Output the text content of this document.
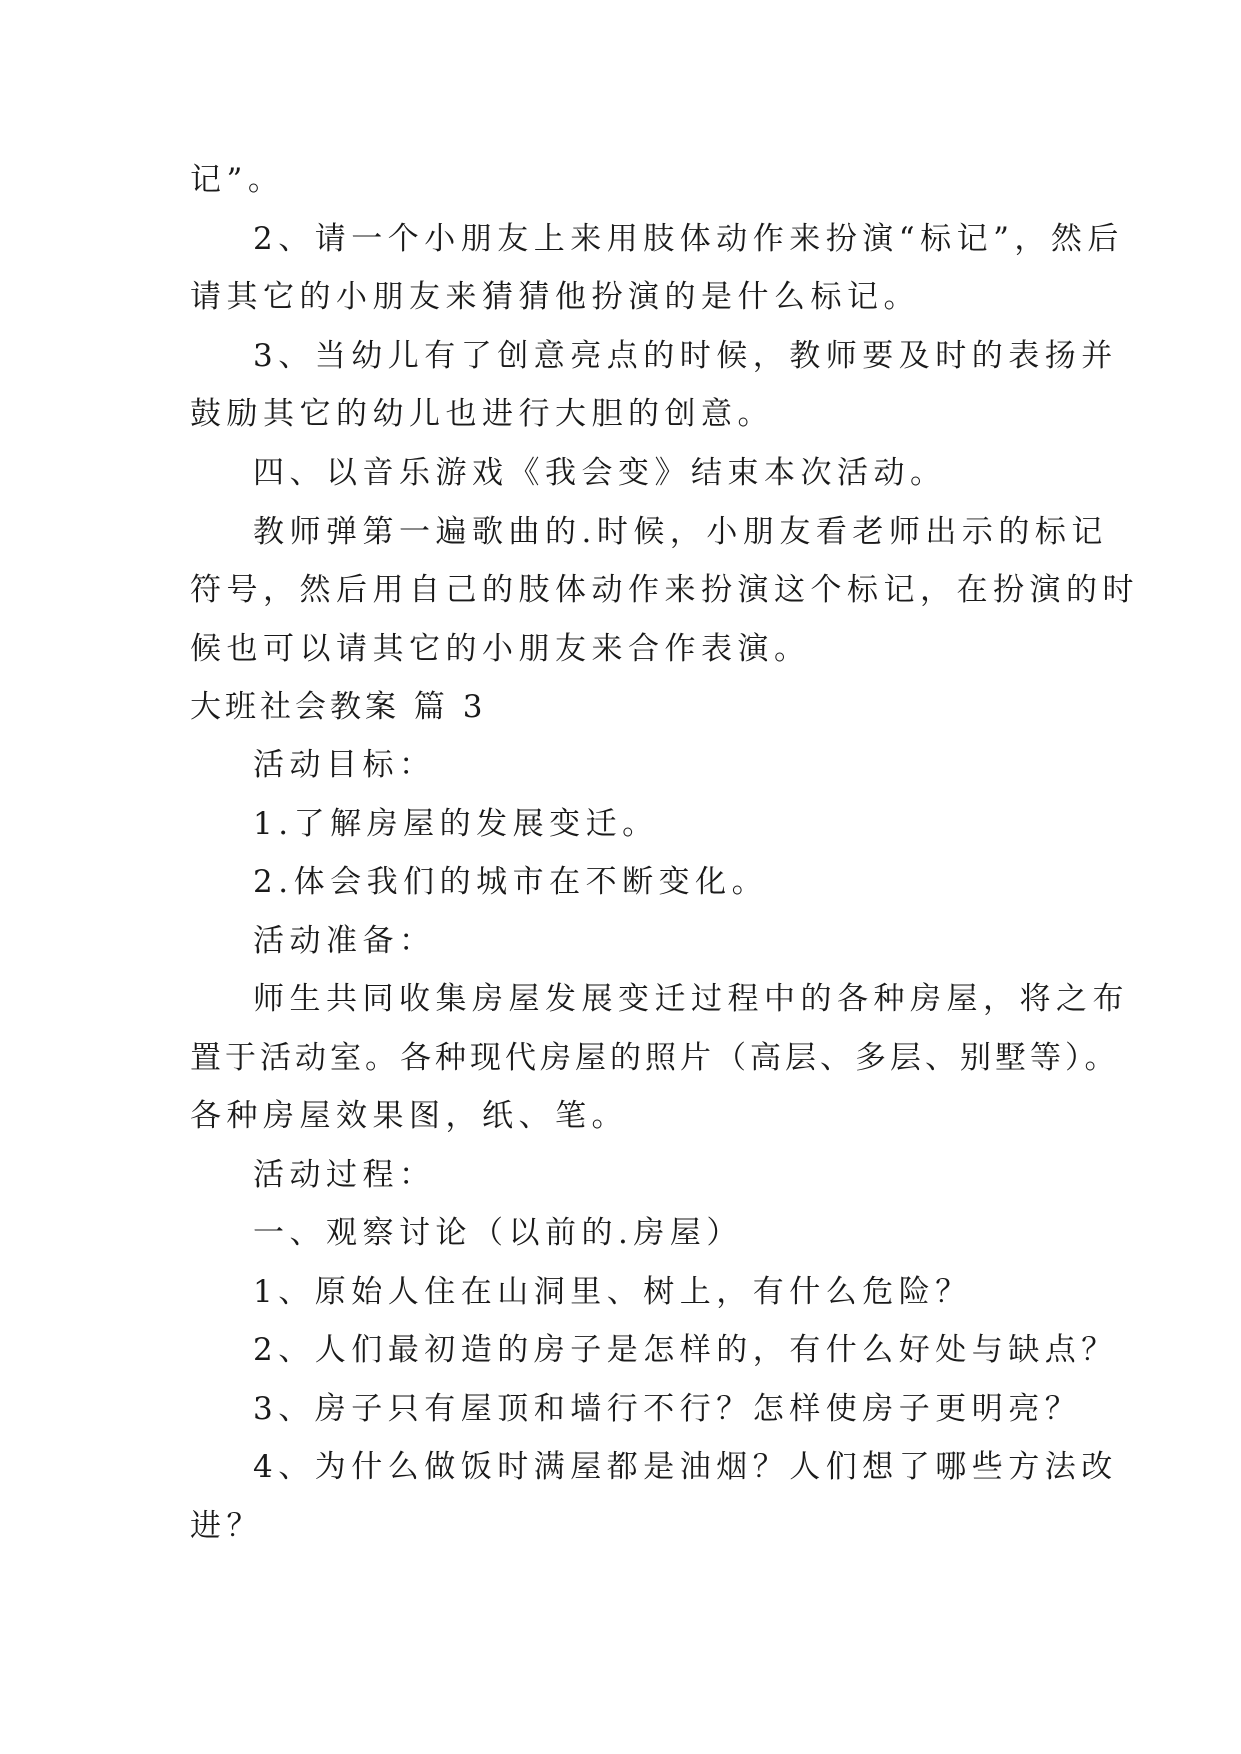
记”。
2、请一个小朋友上来用肢体动作来扮演“标记”，然后
请其它的小朋友来猜猜他扮演的是什么标记。
3、当幼儿有了创意亮点的时候，教师要及时的表扬并
鼓励其它的幼儿也进行大胆的创意。
四、以音乐游戏《我会变》结束本次活动。
教师弹第一遍歌曲的.时候，小朋友看老师出示的标记
符号，然后用自己的肢体动作来扮演这个标记，在扮演的时
候也可以请其它的小朋友来合作表演。
大班社会教案 篇 3
活动目标：
1.了解房屋的发展变迁。
2.体会我们的城市在不断变化。
活动准备：
师生共同收集房屋发展变迁过程中的各种房屋，将之布
置于活动室。各种现代房屋的照片（高层、多层、别墅等）。
各种房屋效果图，纸、笔。
活动过程：
一、观察讨论（以前的.房屋）
1、原始人住在山洞里、树上，有什么危险？
2、人们最初造的房子是怎样的，有什么好处与缺点？
3、房子只有屋顶和墙行不行？怎样使房子更明亮？
4、为什么做饭时满屋都是油烟？人们想了哪些方法改
进？
